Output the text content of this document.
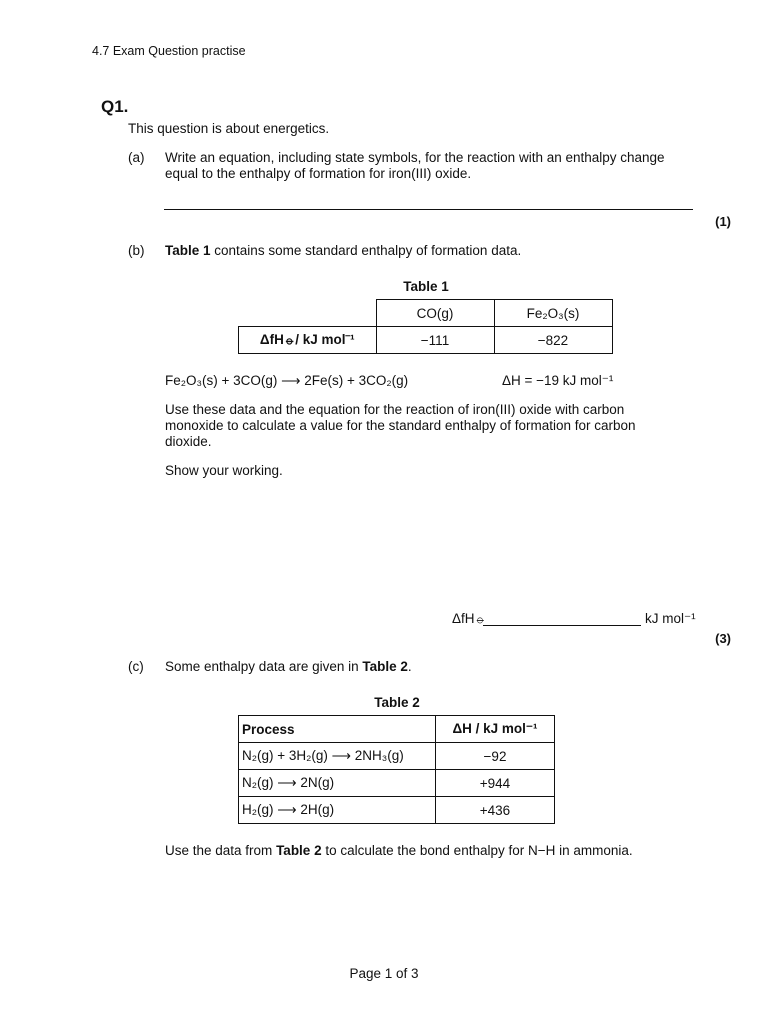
4.7 Exam Question practise
Q1.
This question is about energetics.
(a) Write an equation, including state symbols, for the reaction with an enthalpy change equal to the enthalpy of formation for iron(III) oxide.
(1)
(b) Table 1 contains some standard enthalpy of formation data.
Table 1
	CO(g)	Fe₂O₃(s)
ΔfH⦵/ kJ mol⁻¹	−111	−822
Fe₂O₃(s) + 3CO(g) ⟶ 2Fe(s) + 3CO₂(g)	ΔH = −19 kJ mol⁻¹
Use these data and the equation for the reaction of iron(III) oxide with carbon monoxide to calculate a value for the standard enthalpy of formation for carbon dioxide.
Show your working.
ΔfH⦵	kJ mol⁻¹
(3)
(c) Some enthalpy data are given in Table 2.
Table 2
Process	ΔH / kJ mol⁻¹
N₂(g) + 3H₂(g) ⟶ 2NH₃(g)	−92
N₂(g) ⟶ 2N(g)	+944
H₂(g) ⟶ 2H(g)	+436
Use the data from Table 2 to calculate the bond enthalpy for N−H in ammonia.
Page 1 of 3
